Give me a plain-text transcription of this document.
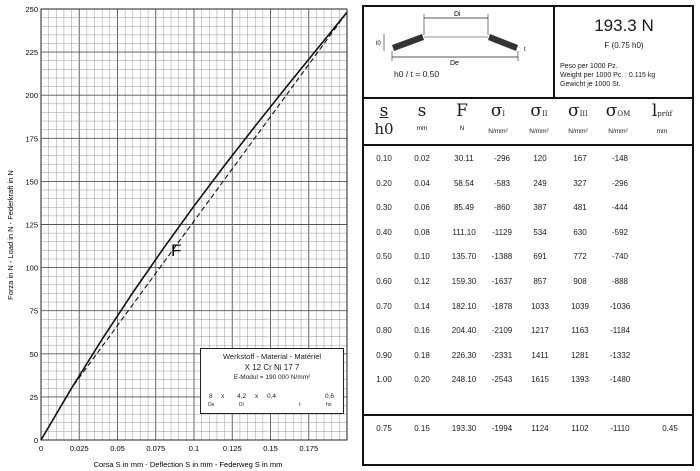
0	0.025	0.05	0.075	0.1	0.125	0.15	0.175
0
25
50
75
100
125
150
175
200
225
250
F
Forza in N - Load in N - Federkraft in N
Corsa S in mm - Deflection S in mm - Federweg S in mm
Werkstoff - Material - Matériel
X 12 Cr Ni 17 7
E-Modul = 190 000 N/mm²
8 x 4,2 x 0,4	0,6
De	Di	t	ho
Di
De
l0
t
h0 / t = 0.50
193.3 N
F (0.75 h0)
Peso per 1000 Pz.
Weight per 1000 Pc.
Gewicht je 1000 St.
: 0.115 kg
s
h0
s
mm
F
N
σI
N/mm²
σII
N/mm²
σIII
N/mm²
σOM
N/mm²
lprüf
mm
0.10	0.02	30.11	-296	120	167	-148
0.20	0.04	58.54	-583	249	327	-296
0.30	0.06	85.49	-860	387	481	-444
0.40	0.08	111.10	-1129	534	630	-592
0.50	0.10	135.70	-1388	691	772	-740
0.60	0.12	159.30	-1637	857	908	-888
0.70	0.14	182.10	-1878	1033	1039	-1036
0.80	0.16	204.40	-2109	1217	1163	-1184
0.90	0.18	226.30	-2331	1411	1281	-1332
1.00	0.20	248.10	-2543	1615	1393	-1480
0.75	0.15	193.30	-1994	1124	1102	-1110	0.45
